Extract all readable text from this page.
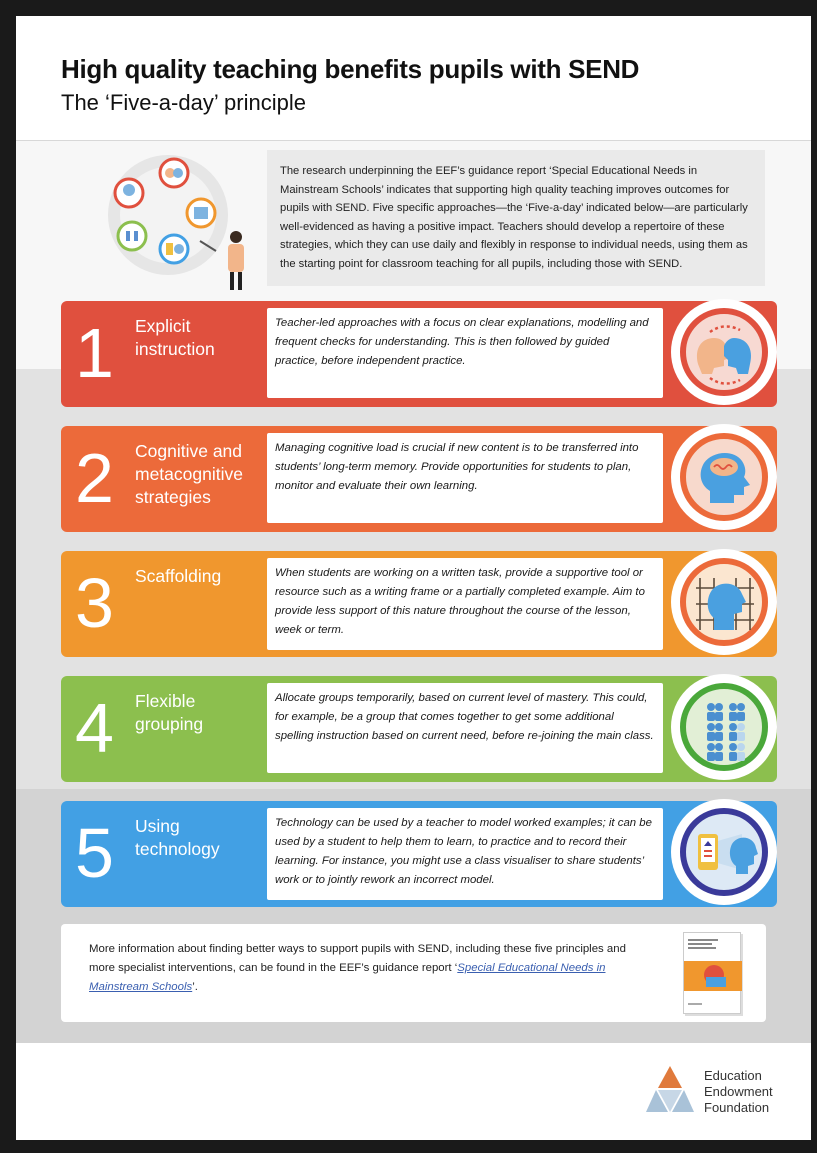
High quality teaching benefits pupils with SEND
The ‘Five-a-day’ principle
The research underpinning the EEF’s guidance report ‘Special Educational Needs in Mainstream Schools’ indicates that supporting high quality teaching improves outcomes for pupils with SEND. Five specific approaches—the ‘Five-a-day’ indicated below—are particularly well-evidenced as having a positive impact. Teachers should develop a repertoire of these strategies, which they can use daily and flexibly in response to individual needs, using them as the starting point for classroom teaching for all pupils, including those with SEND.
1 Explicit instruction
Teacher-led approaches with a focus on clear explanations, modelling and frequent checks for understanding. This is then followed by guided practice, before independent practice.
2 Cognitive and metacognitive strategies
Managing cognitive load is crucial if new content is to be transferred into students’ long-term memory. Provide opportunities for students to plan, monitor and evaluate their own learning.
3 Scaffolding	When students are working on a written task, provide a supportive tool or resource such as a writing frame or a partially completed example. Aim to provide less support of this nature throughout the course of the lesson, week or term.
4 Flexible grouping
Allocate groups temporarily, based on current level of mastery. This could, for example, be a group that comes together to get some additional spelling instruction based on current need, before re-joining the main class.
5 Using technology
Technology can be used by a teacher to model worked examples; it can be used by a student to help them to learn, to practice and to record their learning. For instance, you might use a class visualiser to share students’ work or to jointly rework an incorrect model.
More information about finding better ways to support pupils with SEND, including these five principles and more specialist interventions, can be found in the EEF’s guidance report ‘Special Educational Needs in Mainstream Schools’.
Education
Endowment
Foundation
